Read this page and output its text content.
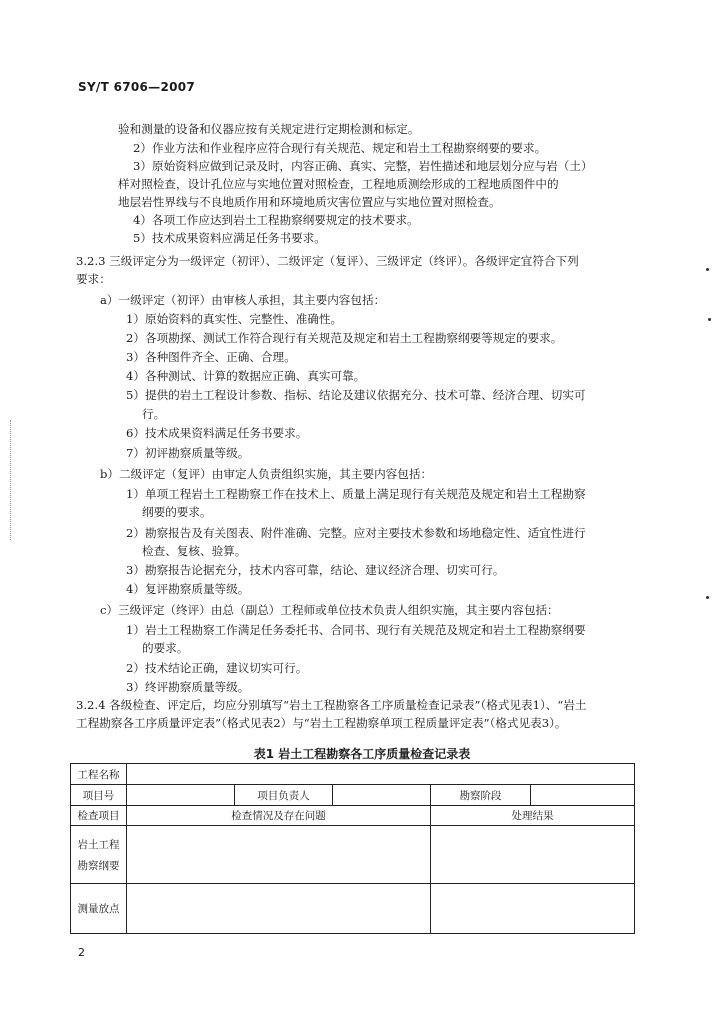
SY/T 6706—2007
验和测量的设备和仪器应按有关规定进行定期检测和标定。
2）作业方法和作业程序应符合现行有关规范、规定和岩土工程勘察纲要的要求。
3）原始资料应做到记录及时，内容正确、真实、完整，岩性描述和地层划分应与岩（土）
样对照检查，设计孔位应与实地位置对照检查，工程地质测绘形成的工程地质图件中的
地层岩性界线与不良地质作用和环境地质灾害位置应与实地位置对照检查。
4）各项工作应达到岩土工程勘察纲要规定的技术要求。
5）技术成果资料应满足任务书要求。
3.2.3 三级评定分为一级评定（初评）、二级评定（复评）、三级评定（终评）。各级评定宜符合下列
要求：
a）一级评定（初评）由审核人承担，其主要内容包括：
1）原始资料的真实性、完整性、准确性。
2）各项勘探、测试工作符合现行有关规范及规定和岩土工程勘察纲要等规定的要求。
3）各种图件齐全、正确、合理。
4）各种测试、计算的数据应正确、真实可靠。
5）提供的岩土工程设计参数、指标、结论及建议依据充分、技术可靠、经济合理、切实可
行。
6）技术成果资料满足任务书要求。
7）初评勘察质量等级。
b）二级评定（复评）由审定人负责组织实施，其主要内容包括：
1）单项工程岩土工程勘察工作在技术上、质量上满足现行有关规范及规定和岩土工程勘察
纲要的要求。
2）勘察报告及有关图表、附件准确、完整。应对主要技术参数和场地稳定性、适宜性进行
检查、复核、验算。
3）勘察报告论据充分，技术内容可靠，结论、建议经济合理、切实可行。
4）复评勘察质量等级。
c）三级评定（终评）由总（副总）工程师或单位技术负责人组织实施，其主要内容包括：
1）岩土工程勘察工作满足任务委托书、合同书、现行有关规范及规定和岩土工程勘察纲要
的要求。
2）技术结论正确，建议切实可行。
3）终评勘察质量等级。
3.2.4 各级检查、评定后，均应分别填写“岩土工程勘察各工序质量检查记录表”（格式见表1）、“岩土
工程勘察各工序质量评定表”（格式见表2）与“岩土工程勘察单项工程质量评定表”（格式见表3）。
表1 岩土工程勘察各工序质量检查记录表
工程名称					
项目号		项目负责人		勘察阶段	
检查项目	检查情况及存在问题			处理结果	

岩土工程
勘察纲要					

测量放点					
2
